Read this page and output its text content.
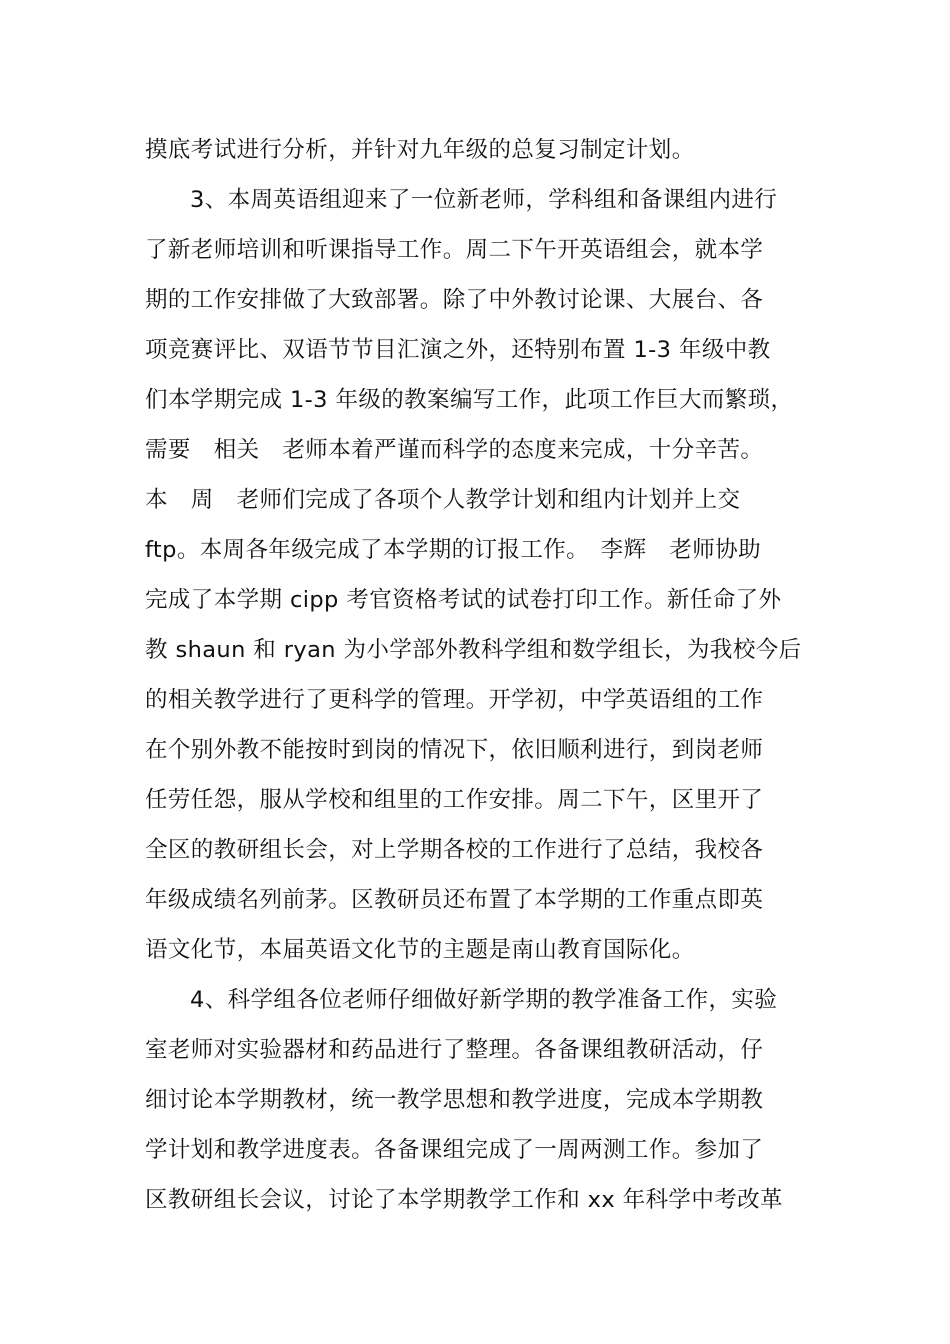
摸底考试进行分析，并针对九年级的总复习制定计划。
3、本周英语组迎来了一位新老师，学科组和备课组内进行
了新老师培训和听课指导工作。周二下午开英语组会，就本学
期的工作安排做了大致部署。除了中外教讨论课、大展台、各
项竞赛评比、双语节节目汇演之外，还特别布置 1-3 年级中教
们本学期完成 1-3 年级的教案编写工作，此项工作巨大而繁琐，
需要　相关　老师本着严谨而科学的态度来完成，十分辛苦。
本　周　老师们完成了各项个人教学计划和组内计划并上交
ftp。本周各年级完成了本学期的订报工作。　李辉　老师协助
完成了本学期 cipp 考官资格考试的试卷打印工作。新任命了外
教 shaun 和 ryan 为小学部外教科学组和数学组长，为我校今后
的相关教学进行了更科学的管理。开学初，中学英语组的工作
在个别外教不能按时到岗的情况下，依旧顺利进行，到岗老师
任劳任怨，服从学校和组里的工作安排。周二下午，区里开了
全区的教研组长会，对上学期各校的工作进行了总结，我校各
年级成绩名列前茅。区教研员还布置了本学期的工作重点即英
语文化节，本届英语文化节的主题是南山教育国际化。
4、科学组各位老师仔细做好新学期的教学准备工作，实验
室老师对实验器材和药品进行了整理。各备课组教研活动，仔
细讨论本学期教材，统一教学思想和教学进度，完成本学期教
学计划和教学进度表。各备课组完成了一周两测工作。参加了
区教研组长会议，讨论了本学期教学工作和 xx 年科学中考改革
